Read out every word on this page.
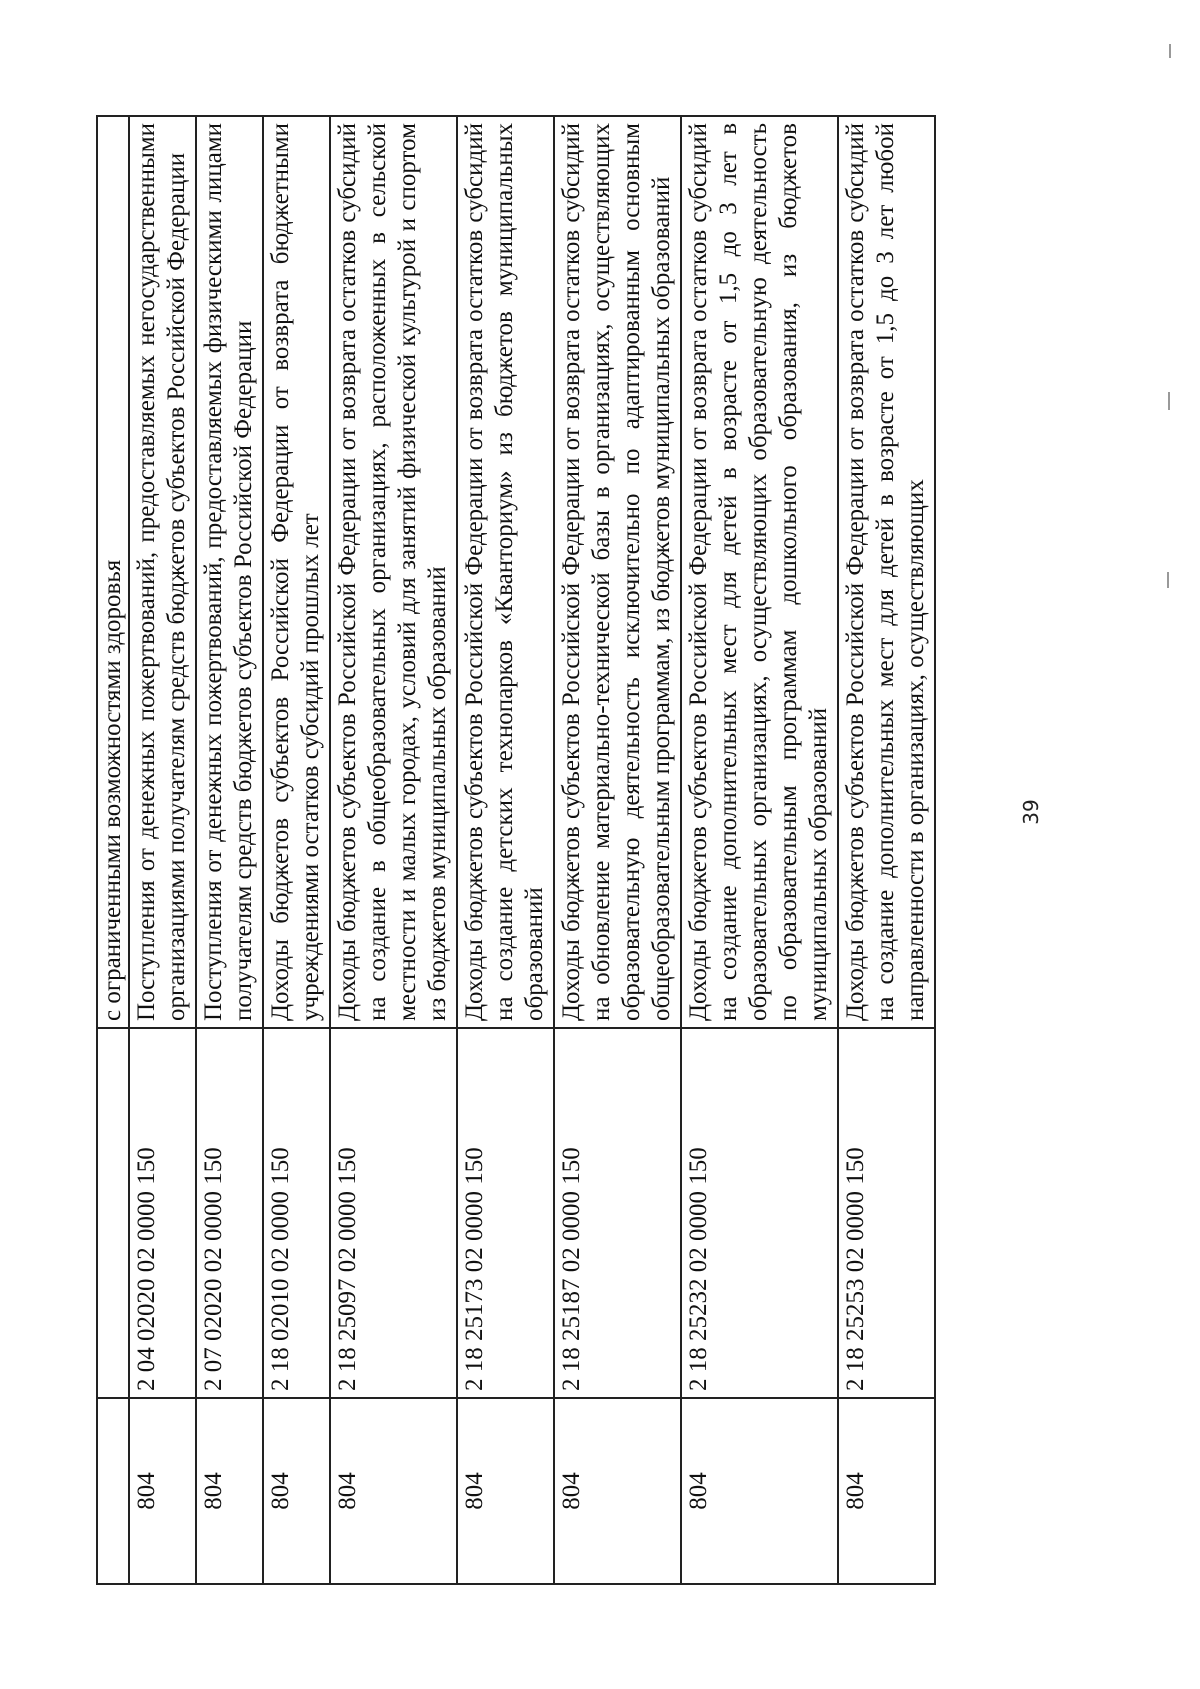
		с ограниченными возможностями здоровья
804	2 04 02020 02 0000 150	Поступления от денежных пожертвований, предоставляемых негосударственными организациями получателям средств бюджетов субъектов Российской Федерации
804	2 07 02020 02 0000 150	Поступления от денежных пожертвований, предоставляемых физическими лицами получателям средств бюджетов субъектов Российской Федерации
804	2 18 02010 02 0000 150	Доходы бюджетов субъектов Российской Федерации от возврата бюджетными учреждениями остатков субсидий прошлых лет
804	2 18 25097 02 0000 150	Доходы бюджетов субъектов Российской Федерации от возврата остатков субсидий на создание в общеобразовательных организациях, расположенных в сельской местности и малых городах, условий для занятий физической культурой и спортом из бюджетов муниципальных образований
804	2 18 25173 02 0000 150	Доходы бюджетов субъектов Российской Федерации от возврата остатков субсидий на создание детских технопарков «Кванториум» из бюджетов муниципальных образований
804	2 18 25187 02 0000 150	Доходы бюджетов субъектов Российской Федерации от возврата остатков субсидий на обновление материально-технической базы в организациях, осуществляющих образовательную деятельность исключительно по адаптированным основным общеобразовательным программам, из бюджетов муниципальных образований
804	2 18 25232 02 0000 150	Доходы бюджетов субъектов Российской Федерации от возврата остатков субсидий на создание дополнительных мест для детей в возрасте от 1,5 до 3 лет в образовательных организациях, осуществляющих образовательную деятельность по образовательным программам дошкольного образования, из бюджетов муниципальных образований
804	2 18 25253 02 0000 150	Доходы бюджетов субъектов Российской Федерации от возврата остатков субсидий на создание дополнительных мест для детей в возрасте от 1,5 до 3 лет любой направленности в организациях, осуществляющих	39
